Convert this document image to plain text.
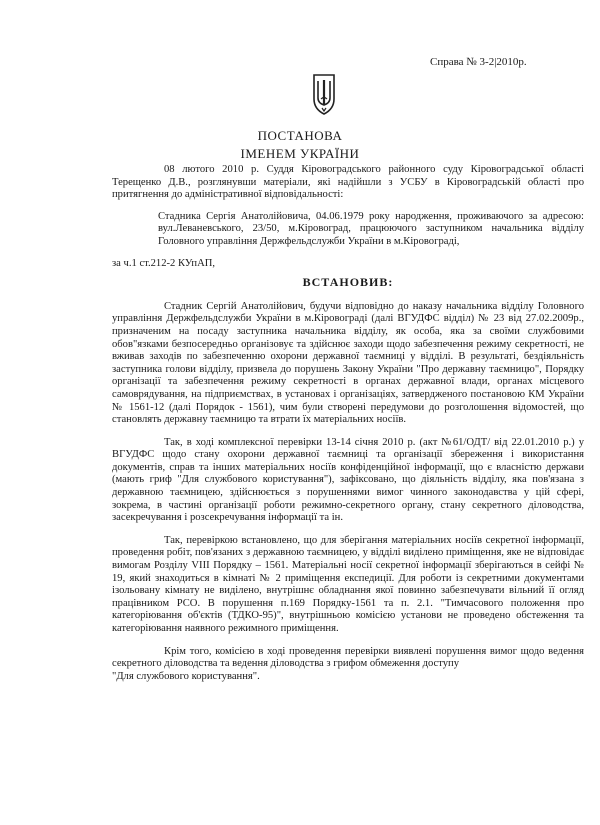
Справа № 3-2|2010р.
ПОСТАНОВА
ІМЕНЕМ УКРАЇНИ

08 лютого 2010 р. Суддя Кіровоградського районного суду Кіровоградської області Терещенко Д.В., розглянувши матеріали, які надійшли з УСБУ в Кіровоградській області про притягнення до адміністративної відповідальності:

Стадника Сергія Анатолійовича, 04.06.1979 року народження, проживаючого за адресою: вул.Леваневського, 23/50, м.Кіровоград, працюючого заступником начальника відділу Головного управління Держфельдслужби України в м.Кіровограді,

за ч.1 ст.212-2 КУпАП,

ВСТАНОВИВ:

Стадник Сергій Анатолійович, будучи відповідно до наказу начальника відділу Головного управління Держфельдслужби України в м.Кіровограді (далі ВГУДФС відділ) № 23 від 27.02.2009р., призначеним на посаду заступника начальника відділу, як особа, яка за своїми службовими обов"язками безпосередньо організовує та здійснює заходи щодо забезпечення режиму секретності, не вживав заходів по забезпеченню охорони державної таємниці у відділі. В результаті, бездіяльність заступника голови відділу, призвела до порушень Закону України "Про державну таємницю", Порядку організації та забезпечення режиму секретності в органах державної влади, органах місцевого самоврядування, на підприємствах, в установах і організаціях, затвердженого постановою КМ України № 1561-12 (далі Порядок - 1561), чим були створені передумови до розголошення відомостей, що становлять державну таємницю та втрати їх матеріальних носіїв.

Так, в ході комплексної перевірки 13-14 січня 2010 р. (акт №61/ОДТ/ від 22.01.2010 р.) у ВГУДФС щодо стану охорони державної таємниці та організації збереження і використання документів, справ та інших матеріальних носіїв конфіденційної інформації, що є власністю держави (мають гриф "Для службового користування"), зафіксовано, що діяльність відділу, яка пов'язана з державною таємницею, здійснюється з порушеннями вимог чинного законодавства у цій сфері, зокрема, в частині організації роботи режимно-секретного органу, стану секретного діловодства, засекречування і розсекречування інформації та ін.

Так, перевіркою встановлено, що для зберігання матеріальних носіїв секретної інформації, проведення робіт, пов'язаних з державною таємницею, у відділі виділено приміщення, яке не відповідає вимогам Розділу VIII Порядку – 1561. Матеріальні носії секретної інформації зберігаються в сейфі № 19, який знаходиться в кімнаті № 2 приміщення експедиції. Для роботи із секретними документами ізольовану кімнату не виділено, внутрішнє обладнання якої повинно забезпечувати вільний її огляд працівником РСО. В порушення п.169 Порядку-1561 та п. 2.1. "Тимчасового положення про категоріювання об'єктів (ТДКО-95)", внутрішньою комісією установи не проведено обстеження та категоріювання наявного режимного приміщення.

Крім того, комісією в ході проведення перевірки виявлені порушення вимог щодо ведення секретного діловодства та ведення діловодства з грифом обмеження доступу

"Для службового користування".
